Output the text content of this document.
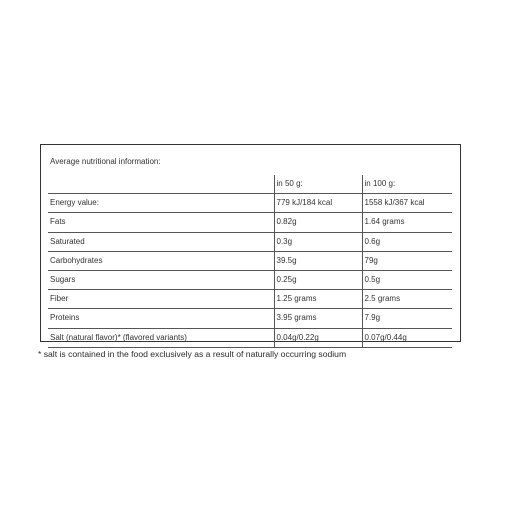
Average nutritional information:
	in 50 g:	in 100 g:
Energy value:	779 kJ/184 kcal	1558 kJ/367 kcal
Fats	0.82g	1.64 grams
Saturated	0.3g	0.6g
Carbohydrates	39.5g	79g
Sugars	0.25g	0.5g
Fiber	1.25 grams	2.5 grams
Proteins	3.95 grams	7.9g
Salt (natural flavor)* (flavored variants)	0.04g/0.22g	0.07g/0.44g
* salt is contained in the food exclusively as a result of naturally occurring sodium
